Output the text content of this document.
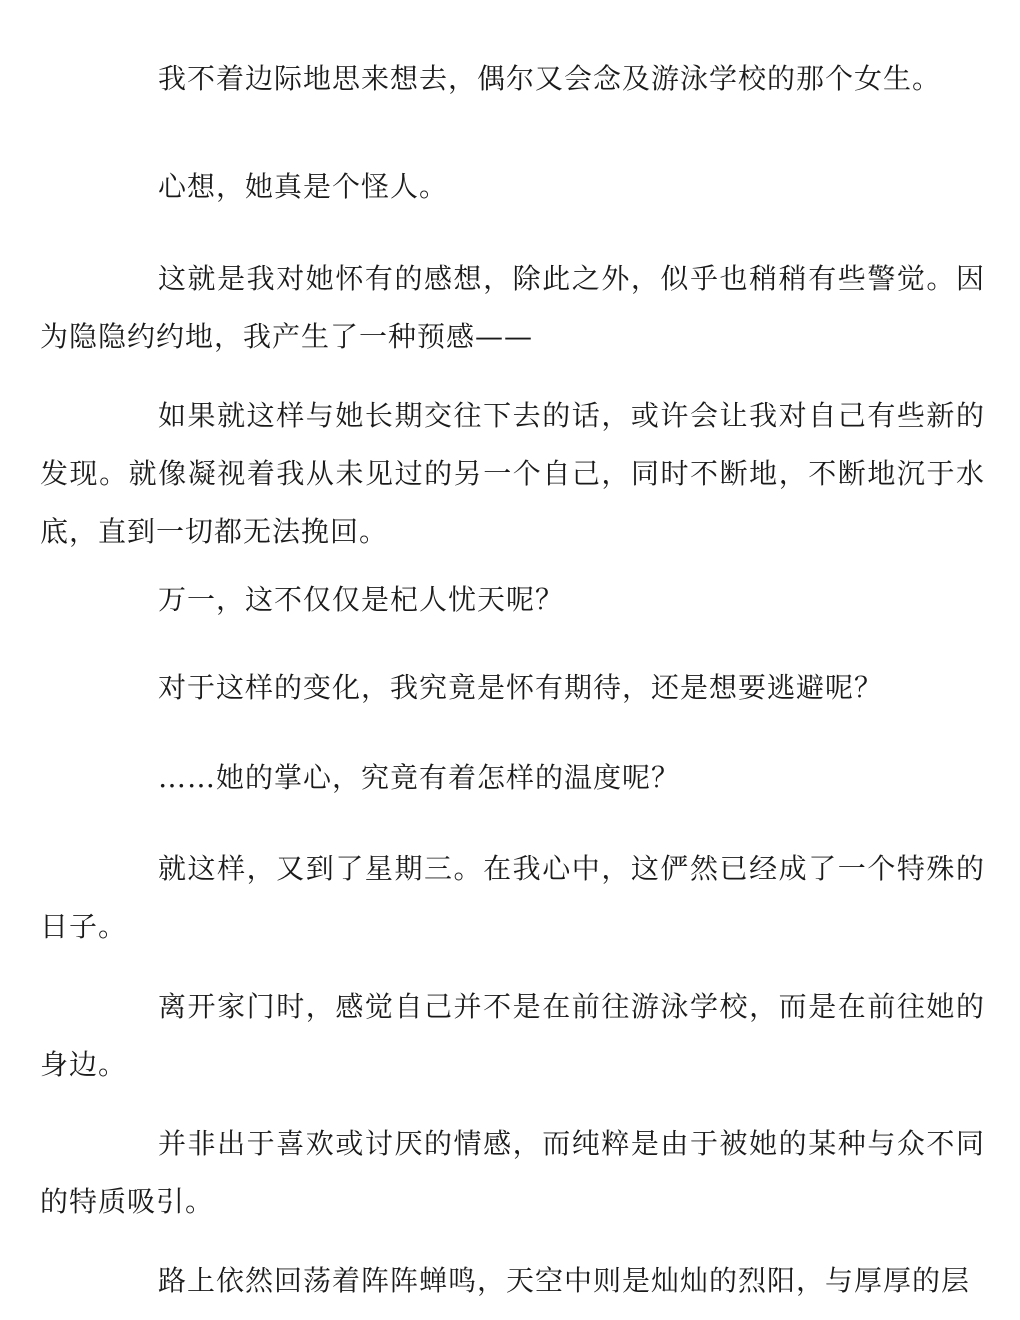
我不着边际地思来想去，偶尔又会念及游泳学校的那个女生。

心想，她真是个怪人。

这就是我对她怀有的感想，除此之外，似乎也稍稍有些警觉。因为隐隐约约地，我产生了一种预感——

如果就这样与她长期交往下去的话，或许会让我对自己有些新的发现。就像凝视着我从未见过的另一个自己，同时不断地，不断地沉于水底，直到一切都无法挽回。

万一，这不仅仅是杞人忧天呢？

对于这样的变化，我究竟是怀有期待，还是想要逃避呢？

……她的掌心，究竟有着怎样的温度呢？

就这样，又到了星期三。在我心中，这俨然已经成了一个特殊的日子。

离开家门时，感觉自己并不是在前往游泳学校，而是在前往她的身边。

并非出于喜欢或讨厌的情感，而纯粹是由于被她的某种与众不同的特质吸引。

路上依然回荡着阵阵蝉鸣，天空中则是灿灿的烈阳，与厚厚的层
